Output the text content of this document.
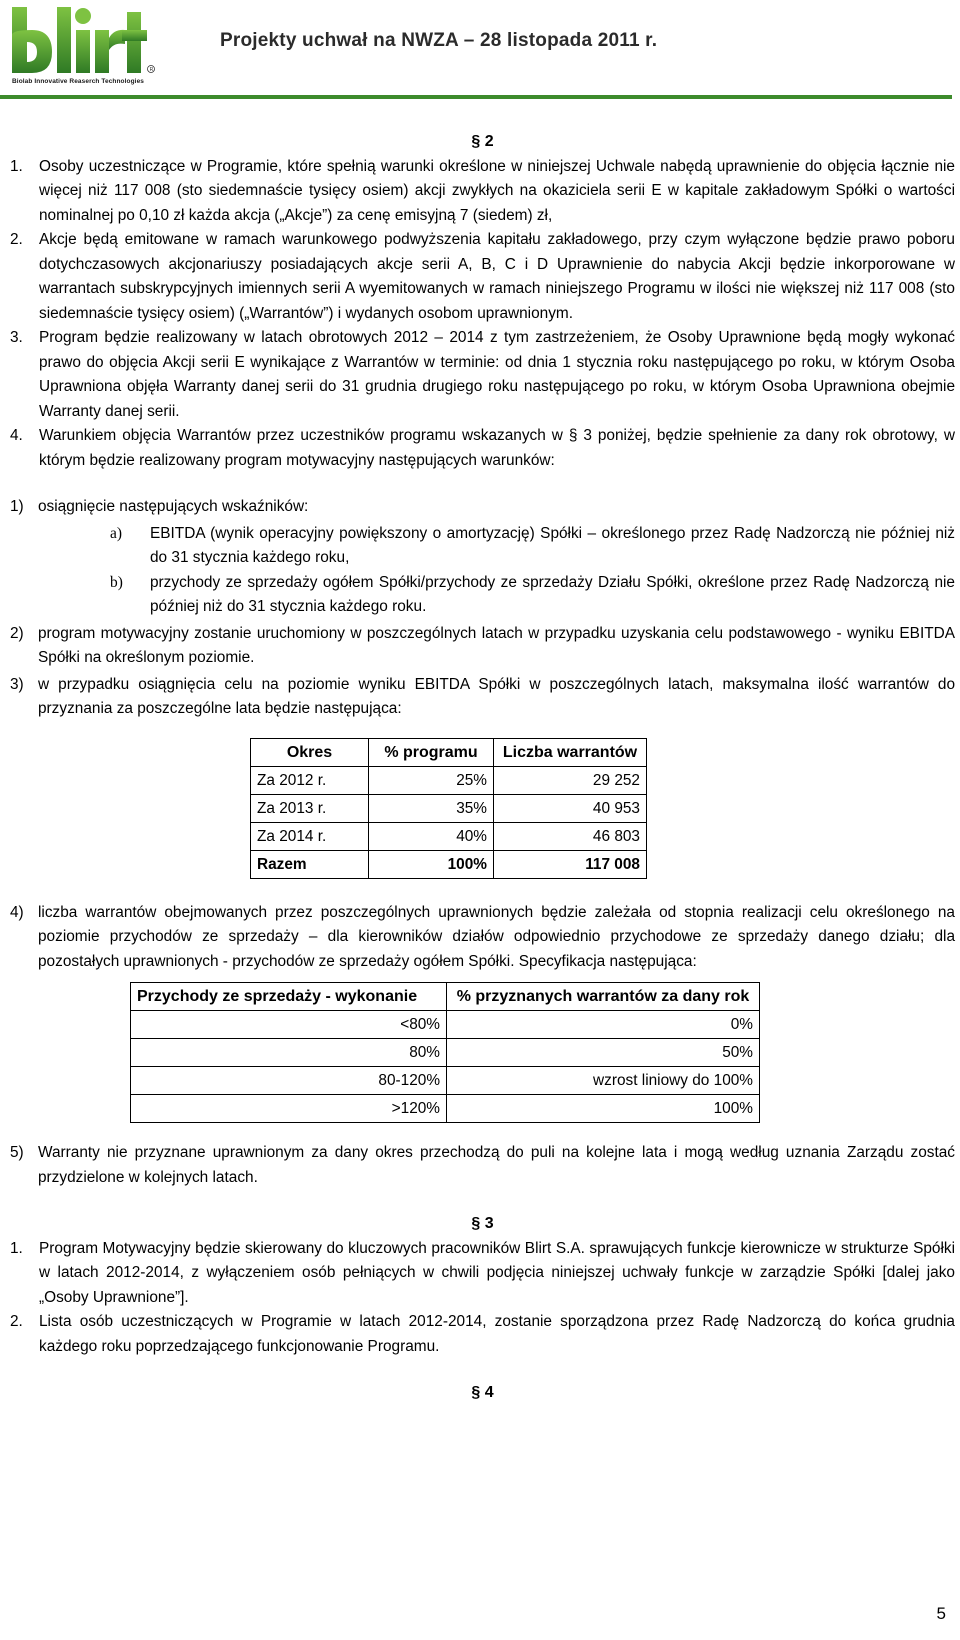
R
Biolab Innovative Reaserch Technologies
Projekty uchwał na NWZA – 28 listopada 2011 r.

§ 2

1.	Osoby uczestniczące w Programie, które spełnią warunki określone w niniejszej Uchwale nabędą uprawnienie do objęcia łącznie nie więcej niż 117 008 (sto siedemnaście tysięcy osiem) akcji zwykłych na okaziciela serii E w kapitale zakładowym Spółki o wartości nominalnej po 0,10 zł każda akcja („Akcje”) za cenę emisyjną 7 (siedem) zł,
2.	Akcje będą emitowane w ramach warunkowego podwyższenia kapitału zakładowego, przy czym wyłączone będzie prawo poboru dotychczasowych akcjonariuszy posiadających akcje serii A, B, C i D Uprawnienie do nabycia Akcji będzie inkorporowane w warrantach subskrypcyjnych imiennych serii A wyemitowanych w ramach niniejszego Programu w ilości nie większej niż 117 008 (sto siedemnaście tysięcy osiem) („Warrantów”) i wydanych osobom uprawnionym.
3.	Program będzie realizowany w latach obrotowych 2012 – 2014 z tym zastrzeżeniem, że Osoby Uprawnione będą mogły wykonać prawo do objęcia Akcji serii E wynikające z Warrantów w terminie: od dnia 1 stycznia roku następującego po roku, w którym Osoba Uprawniona objęła Warranty danej serii do 31 grudnia drugiego roku następującego po roku, w którym Osoba Uprawniona obejmie Warranty danej serii.
4.	Warunkiem objęcia Warrantów przez uczestników programu wskazanych w § 3 poniżej, będzie spełnienie za dany rok obrotowy, w którym będzie realizowany program motywacyjny następujących warunków:
1) osiągnięcie następujących wskaźników:
a)	EBITDA (wynik operacyjny powiększony o amortyzację) Spółki – określonego przez Radę Nadzorczą nie później niż do 31 stycznia każdego roku,
b)	przychody ze sprzedaży ogółem Spółki/przychody ze sprzedaży Działu Spółki, określone przez Radę Nadzorczą nie później niż do 31 stycznia każdego roku.
2) program motywacyjny zostanie uruchomiony w poszczególnych latach w przypadku uzyskania celu podstawowego - wyniku EBITDA Spółki na określonym poziomie.
3) w przypadku osiągnięcia celu na poziomie wyniku EBITDA Spółki w poszczególnych latach, maksymalna ilość warrantów do przyznania za poszczególne lata będzie następująca:
Okres	% programu	Liczba warrantów
Za 2012 r.	25%	29 252
Za 2013 r.	35%	40 953
Za 2014 r.	40%	46 803
Razem	100%	117 008
4) liczba warrantów obejmowanych przez poszczególnych uprawnionych będzie zależała od stopnia realizacji celu określonego na poziomie przychodów ze sprzedaży – dla kierowników działów odpowiednio przychodowe ze sprzedaży danego działu; dla pozostałych uprawnionych - przychodów ze sprzedaży ogółem Spółki. Specyfikacja następująca:
Przychody ze sprzedaży - wykonanie	% przyznanych warrantów za dany rok
<80%	0%
80%	50%
80-120%	wzrost liniowy do 100%
>120%	100%
5) Warranty nie przyznane uprawnionym za dany okres przechodzą do puli na kolejne lata i mogą według uznania Zarządu zostać przydzielone w kolejnych latach.

§ 3

1.	Program Motywacyjny będzie skierowany do kluczowych pracowników Blirt S.A. sprawujących funkcje kierownicze w strukturze Spółki w latach 2012-2014, z wyłączeniem osób pełniących w chwili podjęcia niniejszej uchwały funkcje w zarządzie Spółki [dalej jako „Osoby Uprawnione”].
2.	Lista osób uczestniczących w Programie w latach 2012-2014, zostanie sporządzona przez Radę Nadzorczą do końca grudnia każdego roku poprzedzającego funkcjonowanie Programu.

§ 4

5
